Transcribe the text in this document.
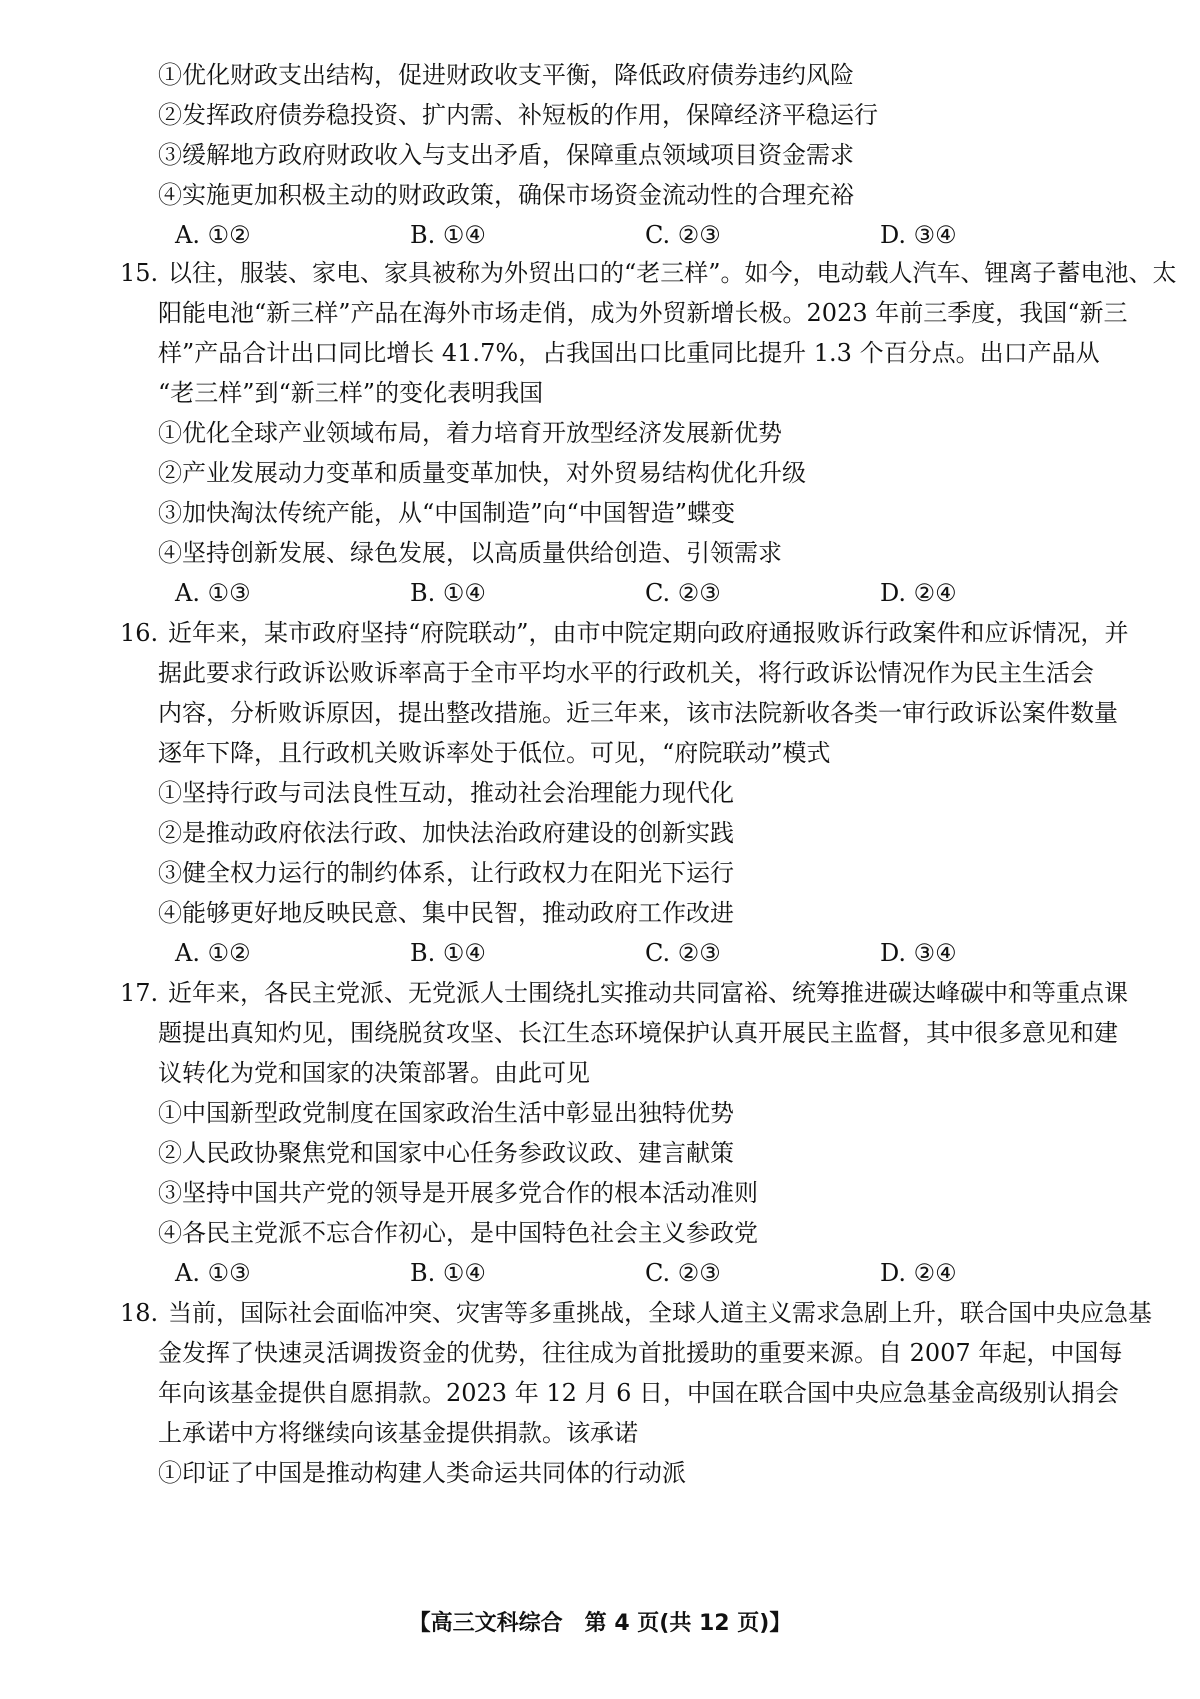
①优化财政支出结构，促进财政收支平衡，降低政府债券违约风险
②发挥政府债券稳投资、扩内需、补短板的作用，保障经济平稳运行
③缓解地方政府财政收入与支出矛盾，保障重点领域项目资金需求
④实施更加积极主动的财政政策，确保市场资金流动性的合理充裕
A. ①②	B. ①④	C. ②③	D. ③④
15. 以往，服装、家电、家具被称为外贸出口的“老三样”。如今，电动载人汽车、锂离子蓄电池、太
阳能电池“新三样”产品在海外市场走俏，成为外贸新增长极。2023 年前三季度，我国“新三
样”产品合计出口同比增长 41.7%，占我国出口比重同比提升 1.3 个百分点。出口产品从
“老三样”到“新三样”的变化表明我国
①优化全球产业领域布局，着力培育开放型经济发展新优势
②产业发展动力变革和质量变革加快，对外贸易结构优化升级
③加快淘汰传统产能，从“中国制造”向“中国智造”蝶变
④坚持创新发展、绿色发展，以高质量供给创造、引领需求
A. ①③	B. ①④	C. ②③	D. ②④
16. 近年来，某市政府坚持“府院联动”，由市中院定期向政府通报败诉行政案件和应诉情况，并
据此要求行政诉讼败诉率高于全市平均水平的行政机关，将行政诉讼情况作为民主生活会
内容，分析败诉原因，提出整改措施。近三年来，该市法院新收各类一审行政诉讼案件数量
逐年下降，且行政机关败诉率处于低位。可见，“府院联动”模式
①坚持行政与司法良性互动，推动社会治理能力现代化
②是推动政府依法行政、加快法治政府建设的创新实践
③健全权力运行的制约体系，让行政权力在阳光下运行
④能够更好地反映民意、集中民智，推动政府工作改进
A. ①②	B. ①④	C. ②③	D. ③④
17. 近年来，各民主党派、无党派人士围绕扎实推动共同富裕、统筹推进碳达峰碳中和等重点课
题提出真知灼见，围绕脱贫攻坚、长江生态环境保护认真开展民主监督，其中很多意见和建
议转化为党和国家的决策部署。由此可见
①中国新型政党制度在国家政治生活中彰显出独特优势
②人民政协聚焦党和国家中心任务参政议政、建言献策
③坚持中国共产党的领导是开展多党合作的根本活动准则
④各民主党派不忘合作初心，是中国特色社会主义参政党
A. ①③	B. ①④	C. ②③	D. ②④
18. 当前，国际社会面临冲突、灾害等多重挑战，全球人道主义需求急剧上升，联合国中央应急基
金发挥了快速灵活调拨资金的优势，往往成为首批援助的重要来源。自 2007 年起，中国每
年向该基金提供自愿捐款。2023 年 12 月 6 日，中国在联合国中央应急基金高级别认捐会
上承诺中方将继续向该基金提供捐款。该承诺
①印证了中国是推动构建人类命运共同体的行动派
【高三文科综合　第 4 页(共 12 页)】
